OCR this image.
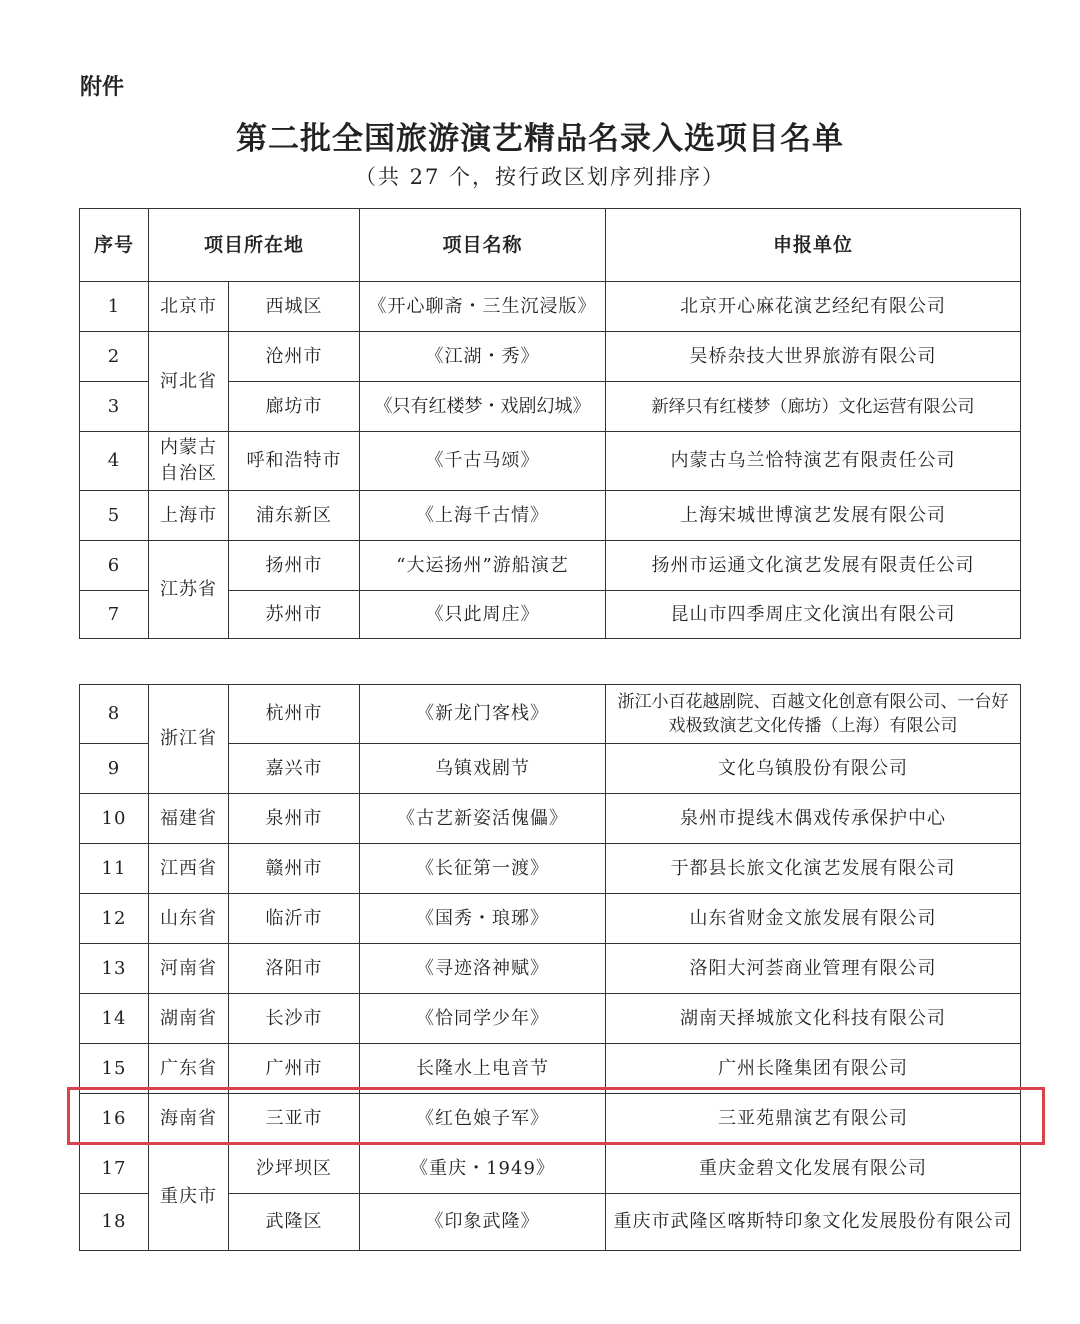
附件
第二批全国旅游演艺精品名录入选项目名单
（共 27 个，按行政区划序列排序）
序号	项目所在地		项目名称	申报单位
1	北京市	西城区	《开心聊斋・三生沉浸版》	北京开心麻花演艺经纪有限公司
2	河北省	沧州市	《江湖・秀》	吴桥杂技大世界旅游有限公司
3		廊坊市	《只有红楼梦・戏剧幻城》	新绎只有红楼梦（廊坊）文化运营有限公司
4	内蒙古自治区	呼和浩特市	《千古马颂》	内蒙古乌兰恰特演艺有限责任公司
5	上海市	浦东新区	《上海千古情》	上海宋城世博演艺发展有限公司
6	江苏省	扬州市	“大运扬州”游船演艺	扬州市运通文化演艺发展有限责任公司
7		苏州市	《只此周庄》	昆山市四季周庄文化演出有限公司
8	浙江省	杭州市	《新龙门客栈》	浙江小百花越剧院、百越文化创意有限公司、一台好戏极致演艺文化传播（上海）有限公司
9		嘉兴市	乌镇戏剧节	文化乌镇股份有限公司
10	福建省	泉州市	《古艺新姿活傀儡》	泉州市提线木偶戏传承保护中心
11	江西省	赣州市	《长征第一渡》	于都县长旅文化演艺发展有限公司
12	山东省	临沂市	《国秀・琅琊》	山东省财金文旅发展有限公司
13	河南省	洛阳市	《寻迹洛神赋》	洛阳大河荟商业管理有限公司
14	湖南省	长沙市	《恰同学少年》	湖南天择城旅文化科技有限公司
15	广东省	广州市	长隆水上电音节	广州长隆集团有限公司
16	海南省	三亚市	《红色娘子军》	三亚苑鼎演艺有限公司
17	重庆市	沙坪坝区	《重庆・1949》	重庆金碧文化发展有限公司
18		武隆区	《印象武隆》	重庆市武隆区喀斯特印象文化发展股份有限公司
